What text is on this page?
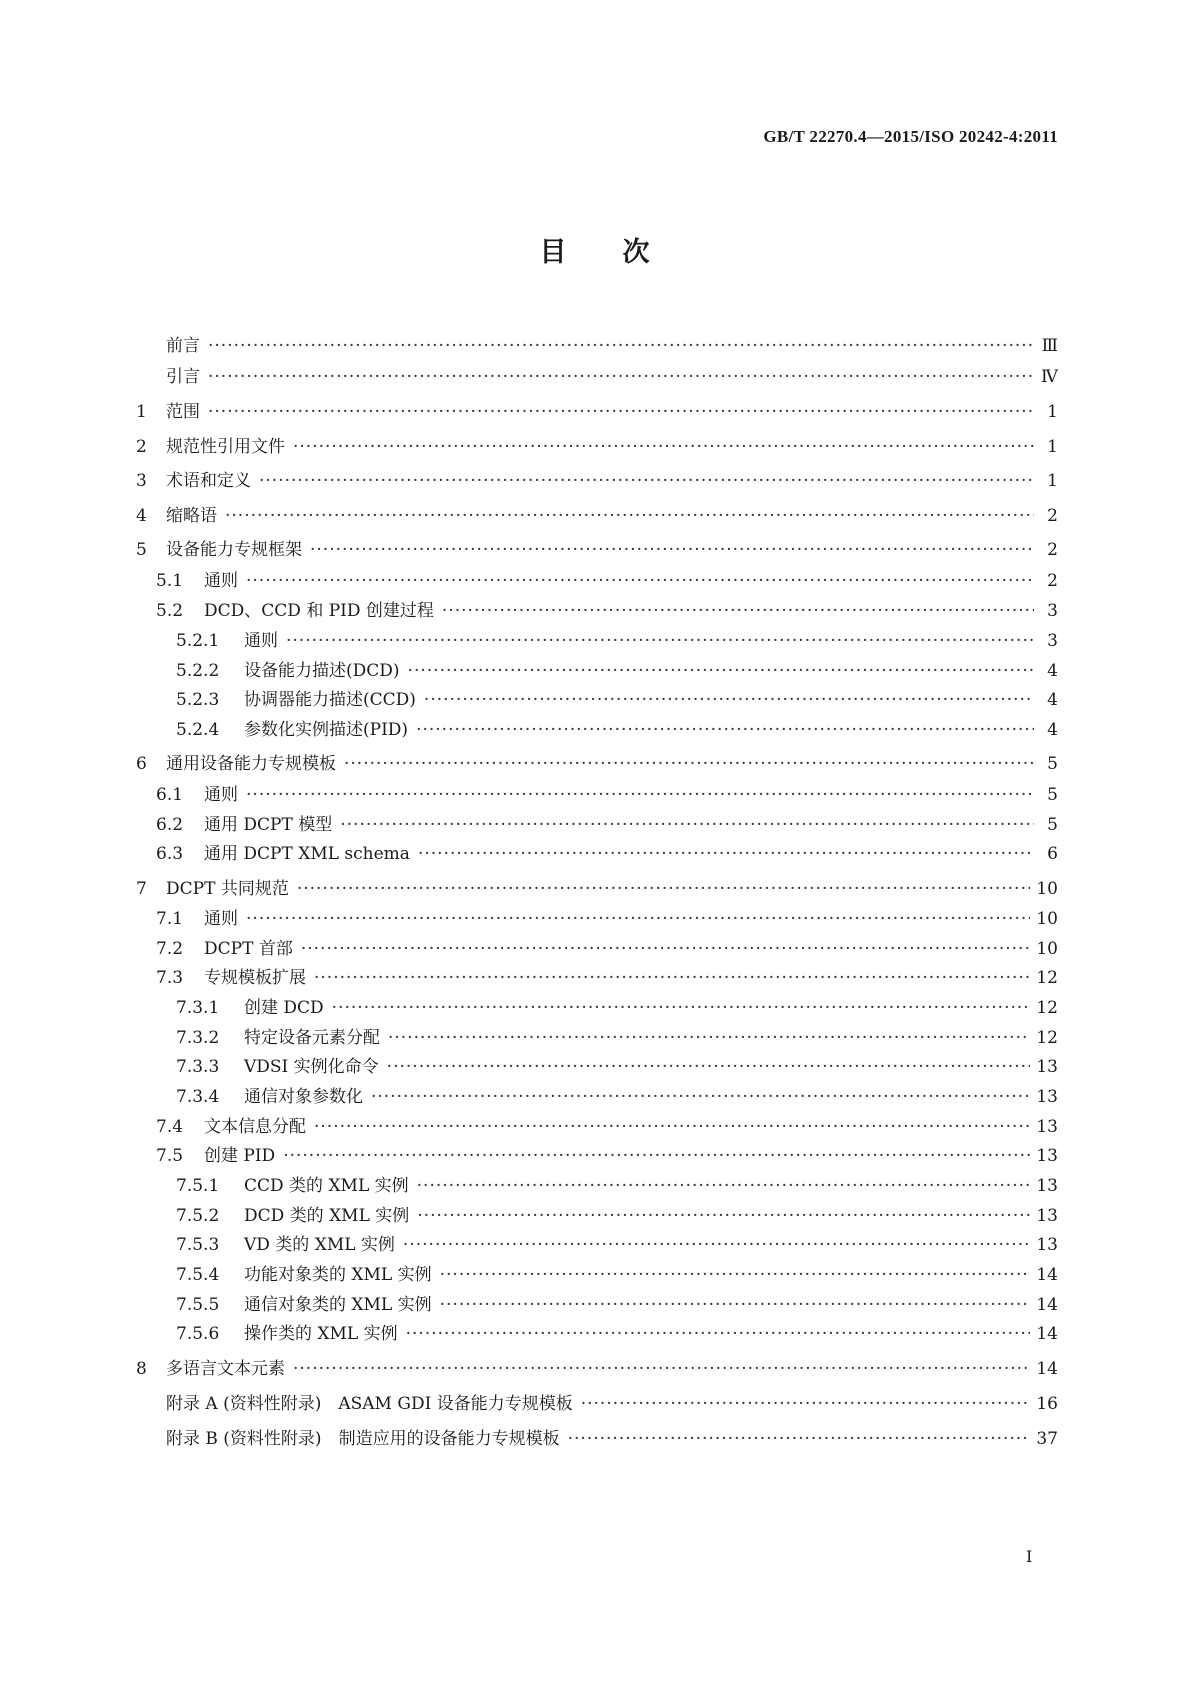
GB/T 22270.4—2015/ISO 20242-4:2011
目 次
前言 ·····	Ⅲ
引言 ·····	Ⅳ
1	范围 ·····	1
2	规范性引用文件 ·····	1
3	术语和定义 ·····	1
4	缩略语 ·····	2
5	设备能力专规框架 ·····	2
5.1	通则 ·····	2
5.2	DCD、CCD 和 PID 创建过程 ·····	3
5.2.1	通则 ·····	3
5.2.2	设备能力描述(DCD) ·····	4
5.2.3	协调器能力描述(CCD) ·····	4
5.2.4	参数化实例描述(PID) ·····	4
6	通用设备能力专规模板 ·····	5
6.1	通则 ·····	5
6.2	通用 DCPT 模型 ·····	5
6.3	通用 DCPT XML schema ·····	6
7	DCPT 共同规范 ·····	10
7.1	通则 ·····	10
7.2	DCPT 首部 ·····	10
7.3	专规模板扩展 ·····	12
7.3.1	创建 DCD ·····	12
7.3.2	特定设备元素分配 ·····	12
7.3.3	VDSI 实例化命令 ·····	13
7.3.4	通信对象参数化 ·····	13
7.4	文本信息分配 ·····	13
7.5	创建 PID ·····	13
7.5.1	CCD 类的 XML 实例 ·····	13
7.5.2	DCD 类的 XML 实例 ·····	13
7.5.3	VD 类的 XML 实例 ·····	13
7.5.4	功能对象类的 XML 实例 ·····	14
7.5.5	通信对象类的 XML 实例 ·····	14
7.5.6	操作类的 XML 实例 ·····	14
8	多语言文本元素 ·····	14
附录 A (资料性附录)　ASAM GDI 设备能力专规模板 ·····	16
附录 B (资料性附录)　制造应用的设备能力专规模板 ·····	37
I
